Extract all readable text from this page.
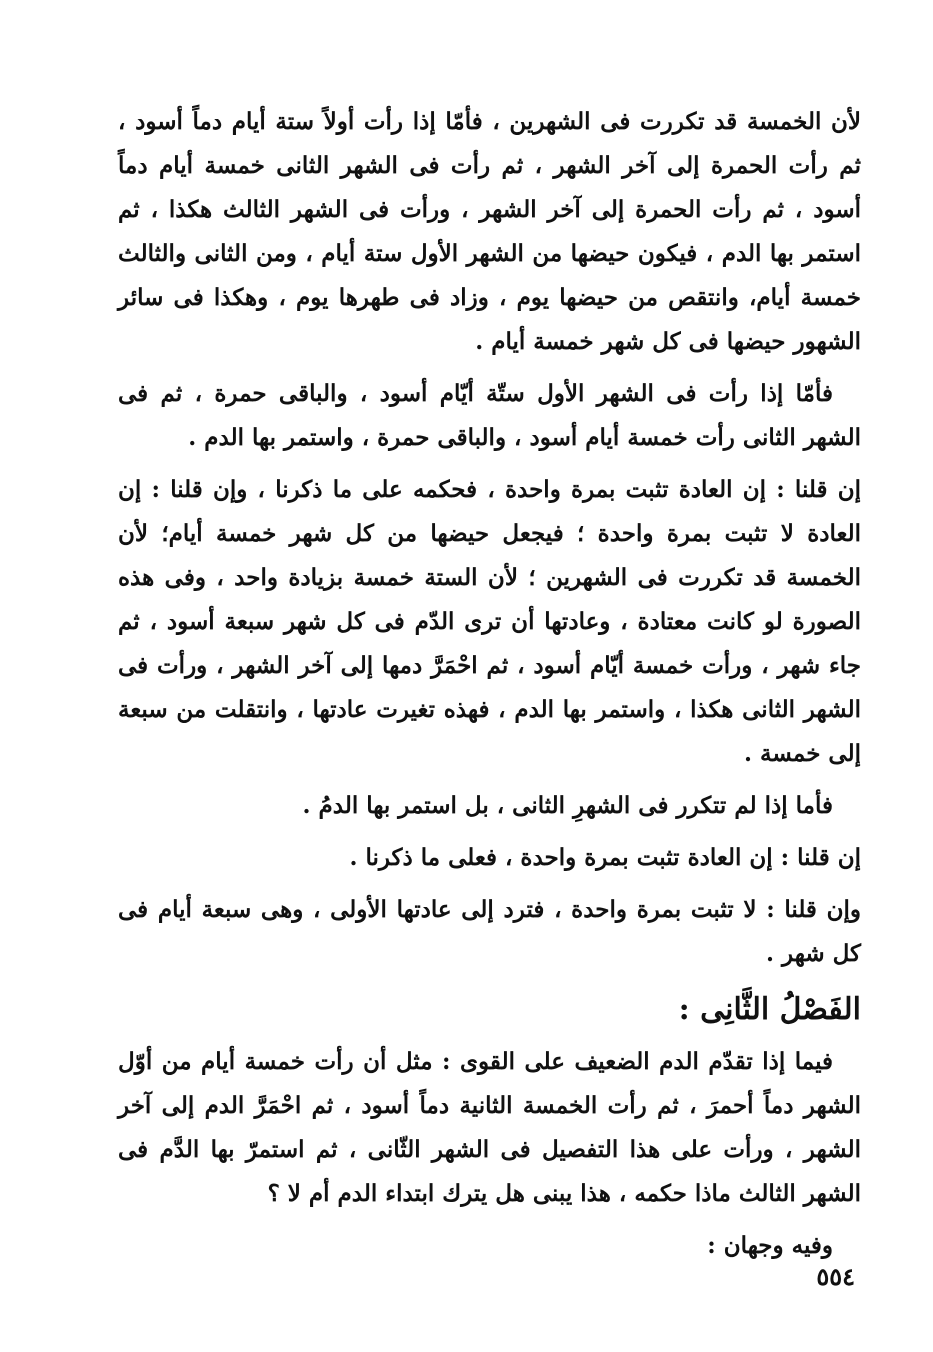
لأن الخمسة قد تكررت فى الشهرين ، فأمّا إذا رأت أولاً ستة أيام دماً أسود ، ثم رأت الحمرة إلى آخر الشهر ، ثم رأت فى الشهر الثانى خمسة أيام دماً أسود ، ثم رأت الحمرة إلى آخر الشهر ، ورأت فى الشهر الثالث هكذا ، ثم استمر بها الدم ، فيكون حيضها من الشهر الأول ستة أيام ، ومن الثانى والثالث خمسة أيام، وانتقص من حيضها يوم ، وزاد فى طهرها يوم ، وهكذا فى سائر الشهور حيضها فى كل شهر خمسة أيام .

فأمّا إذا رأت فى الشهر الأول ستّة أيّام أسود ، والباقى حمرة ، ثم فى الشهر الثانى رأت خمسة أيام أسود ، والباقى حمرة ، واستمر بها الدم .

إن قلنا : إن العادة تثبت بمرة واحدة ، فحكمه على ما ذكرنا ، وإن قلنا : إن العادة لا تثبت بمرة واحدة ؛ فيجعل حيضها من كل شهر خمسة أيام؛ لأن الخمسة قد تكررت فى الشهرين ؛ لأن الستة خمسة بزيادة واحد ، وفى هذه الصورة لو كانت معتادة ، وعادتها أن ترى الدّم فى كل شهر سبعة أسود ، ثم جاء شهر ، ورأت خمسة أيّام أسود ، ثم احْمَرَّ دمها إلى آخر الشهر ، ورأت فى الشهر الثانى هكذا ، واستمر بها الدم ، فهذه تغيرت عادتها ، وانتقلت من سبعة إلى خمسة .

فأما إذا لم تتكرر فى الشهرِ الثانى ، بل استمر بها الدمُ .

إن قلنا : إن العادة تثبت بمرة واحدة ، فعلى ما ذكرنا .

وإن قلنا : لا تثبت بمرة واحدة ، فترد إلى عادتها الأولى ، وهى سبعة أيام فى كل شهر .

الفَصْلُ الثَّانِى :

فيما إذا تقدّم الدم الضعيف على القوى : مثل أن رأت خمسة أيام من أوّل الشهر دماً أحمرَ ، ثم رأت الخمسة الثانية دماً أسود ، ثم احْمَرَّ الدم إلى آخر الشهر ، ورأت على هذا التفصيل فى الشهر الثّانى ، ثم استمرّ بها الدَّم فى الشهر الثالث ماذا حكمه ، هذا يبنى هل يترك ابتداء الدم أم لا ؟

وفيه وجهان :

٥٥٤
